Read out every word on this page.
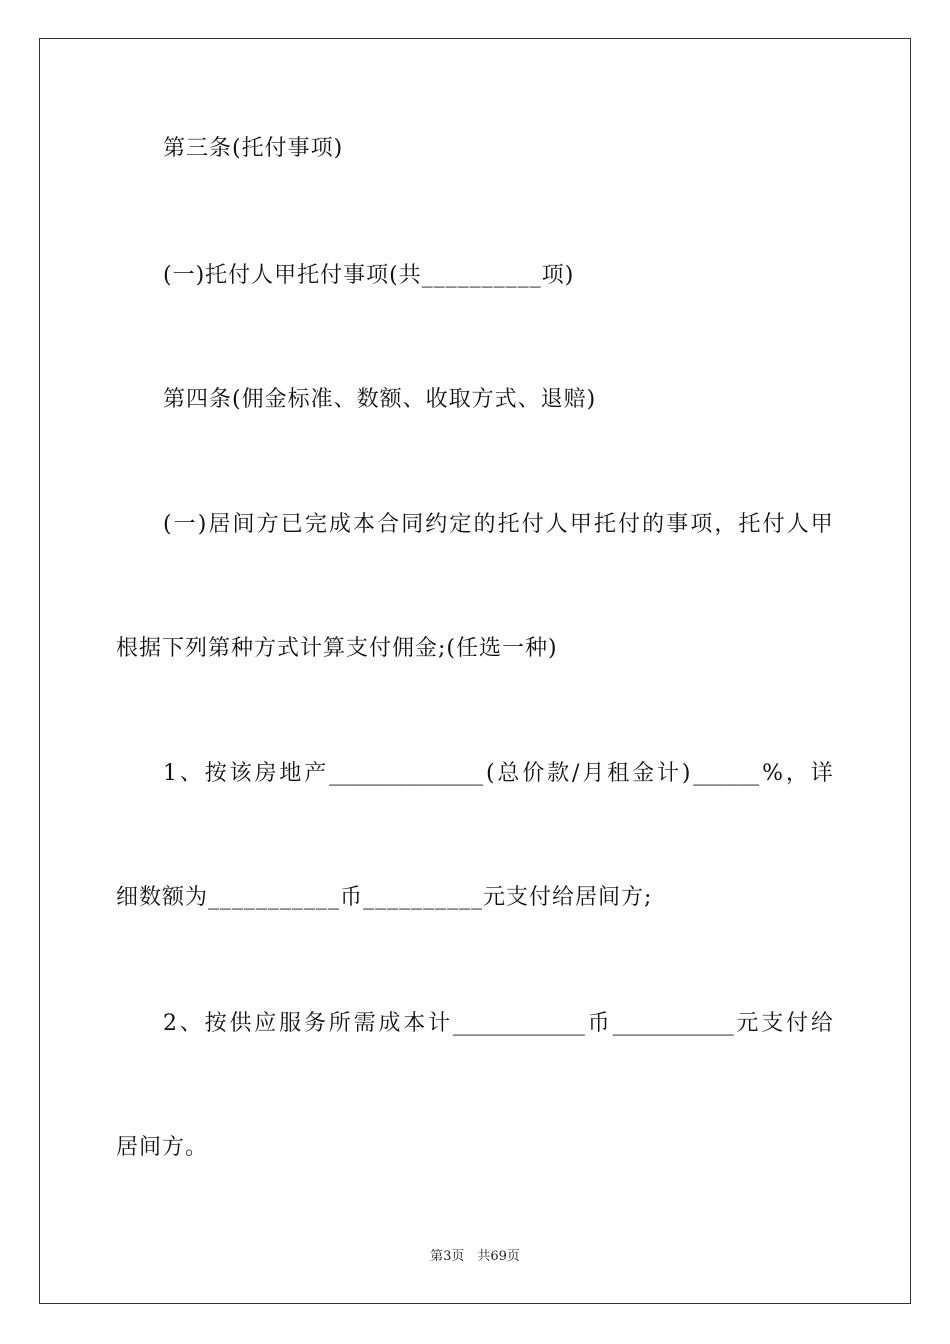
第三条(托付事项)
(一)托付人甲托付事项(共__________项)
第四条(佣金标准、数额、收取方式、退赔)
( 一 ) 居 间 方 已 完 成 本 合 同 约 定 的 托 付 人 甲 托 付 的 事 项 ， 托 付 人 甲
根据下列第种方式计算支付佣金;(任选一种)
1 、 按 该 房 地 产 ______________ ( 总 价 款 / 月 租 金 计 ) ______ % ， 详
细数额为___________币__________元支付给居间方;
2 、 按 供 应 服 务 所 需 成 本 计 ____________ 币 ___________ 元 支 付 给
居间方。
第3页　共69页
